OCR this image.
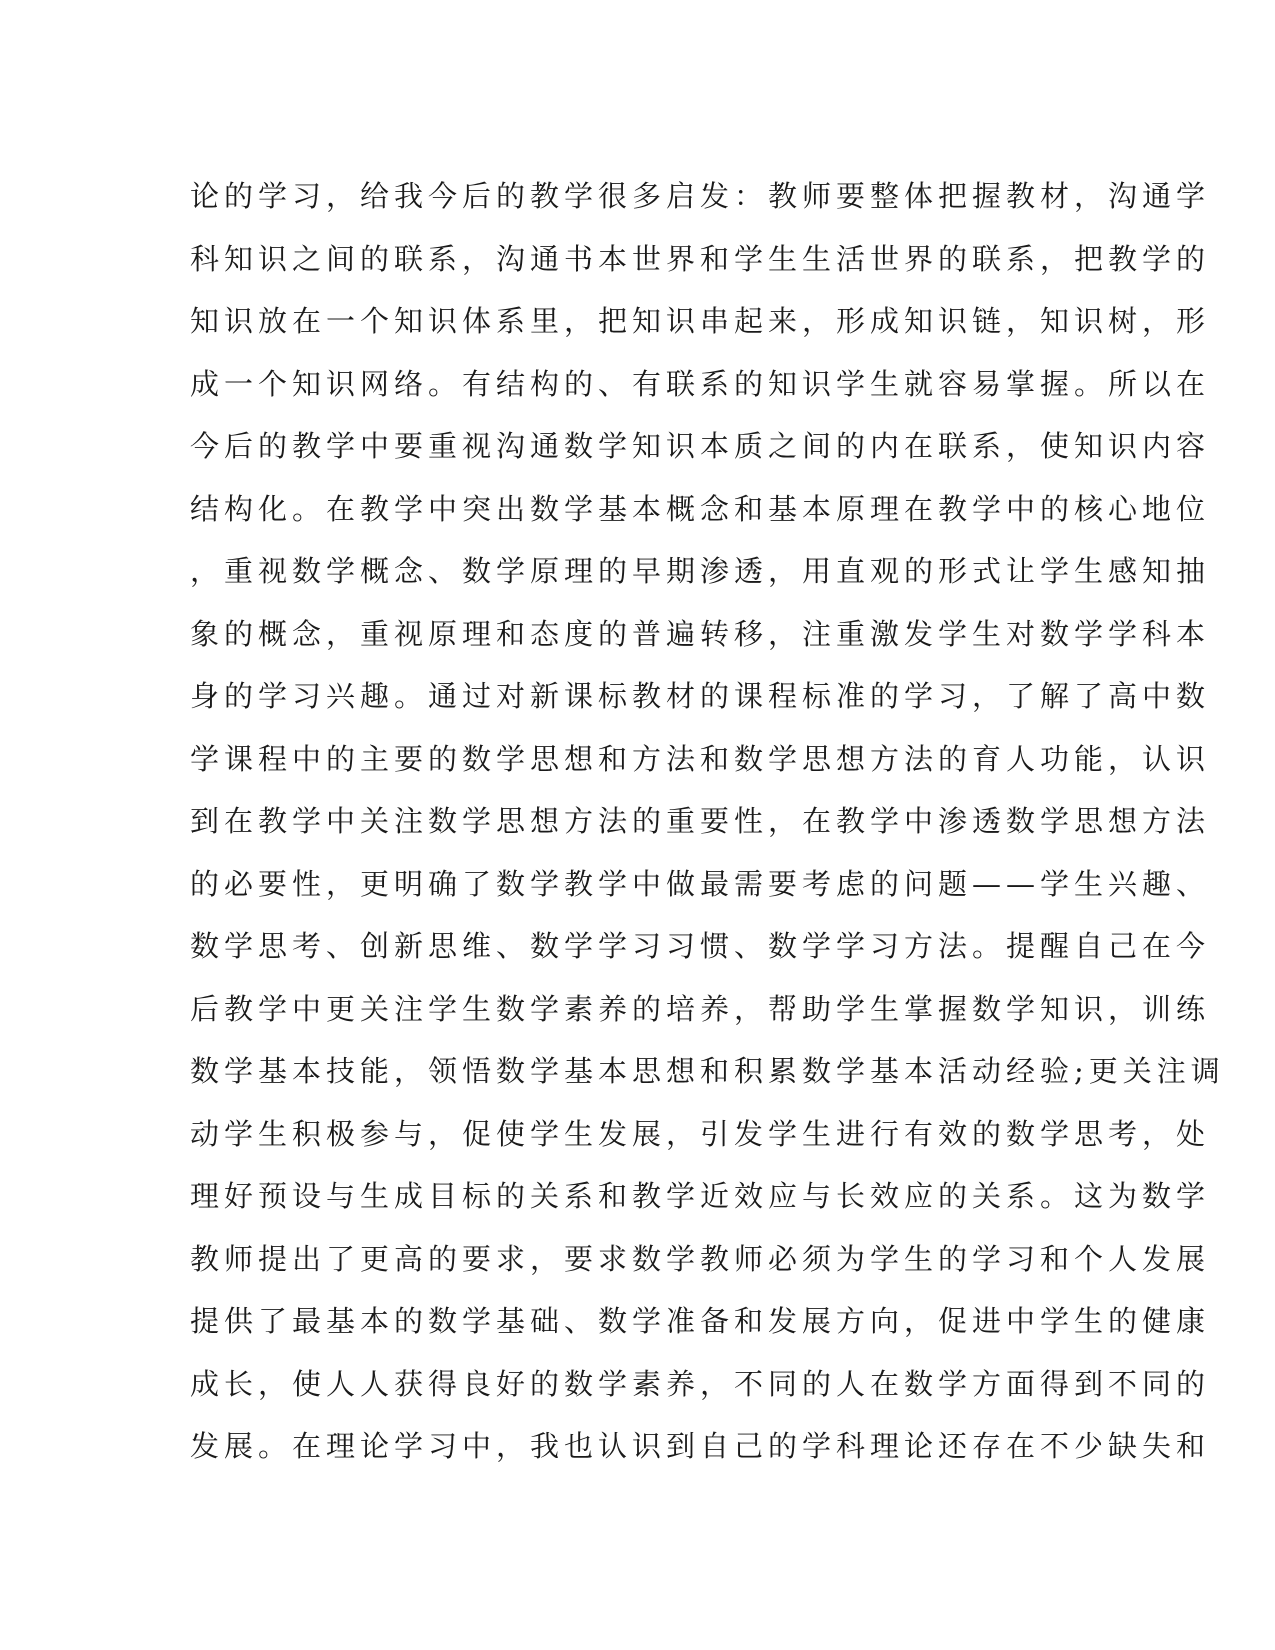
论的学习，给我今后的教学很多启发：教师要整体把握教材，沟通学
科知识之间的联系，沟通书本世界和学生生活世界的联系，把教学的
知识放在一个知识体系里，把知识串起来，形成知识链，知识树，形
成一个知识网络。有结构的、有联系的知识学生就容易掌握。所以在
今后的教学中要重视沟通数学知识本质之间的内在联系，使知识内容
结构化。在教学中突出数学基本概念和基本原理在教学中的核心地位
，重视数学概念、数学原理的早期渗透，用直观的形式让学生感知抽
象的概念，重视原理和态度的普遍转移，注重激发学生对数学学科本
身的学习兴趣。通过对新课标教材的课程标准的学习，了解了高中数
学课程中的主要的数学思想和方法和数学思想方法的育人功能，认识
到在教学中关注数学思想方法的重要性，在教学中渗透数学思想方法
的必要性，更明确了数学教学中做最需要考虑的问题——学生兴趣、
数学思考、创新思维、数学学习习惯、数学学习方法。提醒自己在今
后教学中更关注学生数学素养的培养，帮助学生掌握数学知识，训练
数学基本技能，领悟数学基本思想和积累数学基本活动经验;更关注调
动学生积极参与，促使学生发展，引发学生进行有效的数学思考，处
理好预设与生成目标的关系和教学近效应与长效应的关系。这为数学
教师提出了更高的要求，要求数学教师必须为学生的学习和个人发展
提供了最基本的数学基础、数学准备和发展方向，促进中学生的健康
成长，使人人获得良好的数学素养，不同的人在数学方面得到不同的
发展。在理论学习中，我也认识到自己的学科理论还存在不少缺失和
